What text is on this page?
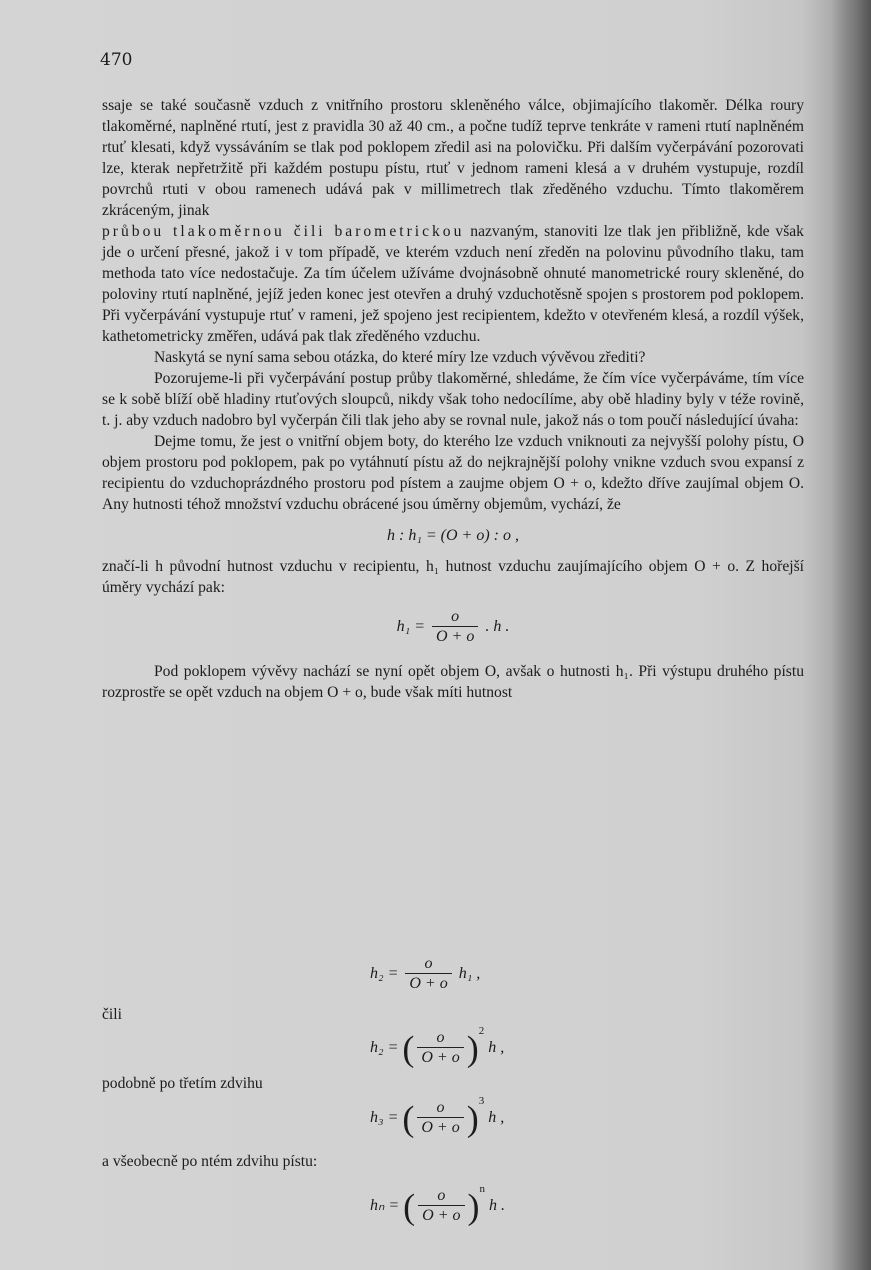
470

ssaje se také současně vzduch z vnitřního prostoru skleněného válce, objimajícího tlakoměr. Délka roury tlakoměrné, naplněné rtutí, jest z pravidla 30 až 40 cm., a počne tudíž teprve tenkráte v rameni rtutí naplněném rtuť klesati, když vyssáváním se tlak pod poklopem zředil asi na polovičku. Při dalším vyčerpávání pozorovati lze, kterak nepřetržitě při každém postupu pístu, rtuť v jednom rameni klesá a v druhém vystupuje, rozdíl povrchů rtuti v obou ramenech udává pak v millimetrech tlak zředěného vzduchu. Tímto tlakoměrem zkráceným, jinak

průbou tlakoměrnou čili barometrickou nazvaným, stanoviti lze tlak jen přibližně, kde však jde o určení přesné, jakož i v tom případě, ve kterém vzduch není zředěn na polovinu původního tlaku, tam methoda tato více nedostačuje. Za tím účelem užíváme dvojnásobně ohnuté manometrické roury skleněné, do poloviny rtutí naplněné, jejíž jeden konec jest otevřen a druhý vzduchotěsně spojen s prostorem pod poklopem. Při vyčerpávání vystupuje rtuť v rameni, jež spojeno jest recipientem, kdežto v otevřeném klesá, a rozdíl výšek, kathetometricky změřen, udává pak tlak zředěného vzduchu.

Naskytá se nyní sama sebou otázka, do které míry lze vzduch vývěvou zřediti?

Pozorujeme-li při vyčerpávání postup průby tlakoměrné, shledáme, že čím více vyčerpáváme, tím více se k sobě blíží obě hladiny rtuťových sloupců, nikdy však toho nedocílíme, aby obě hladiny byly v téže rovině, t. j. aby vzduch nadobro byl vyčerpán čili tlak jeho aby se rovnal nule, jakož nás o tom poučí následující úvaha:

Dejme tomu, že jest o vnitřní objem boty, do kterého lze vzduch vniknouti za nejvyšší polohy pístu, O objem prostoru pod poklopem, pak po vytáhnutí pístu až do nejkrajnější polohy vnikne vzduch svou expansí z recipientu do vzduchoprázdného prostoru pod pístem a zaujme objem O + o, kdežto dříve zaujímal objem O. Any hutnosti téhož množství vzduchu obrácené jsou úměrny objemům, vychází, že

h : h₁ = (O + o) : o ,

značí-li h původní hutnost vzduchu v recipientu, h₁ hutnost vzduchu zaujímajícího objem O + o. Z hořejší úměry vychází pak:

$h_1 = \frac{o}{O + o}$ . h .

Pod poklopem vývěvy nachází se nyní opět objem O, avšak o hutnosti h₁. Při výstupu druhého pístu rozprostře se opět vzduch na objem O + o, bude však míti hutnost

$h_2 = \frac{o}{O + o} h_1$ ,
čili
h₂ = ( $\frac{o}{O + o} )^2$ h ,
podobně po třetím zdvihu
h₃ = ( $\frac{o}{O + o} )^3$ h ,
a všeobecně po ntém zdvihu pístu:
hₙ = ( $\frac{o}{O + o} )^n$ h .
